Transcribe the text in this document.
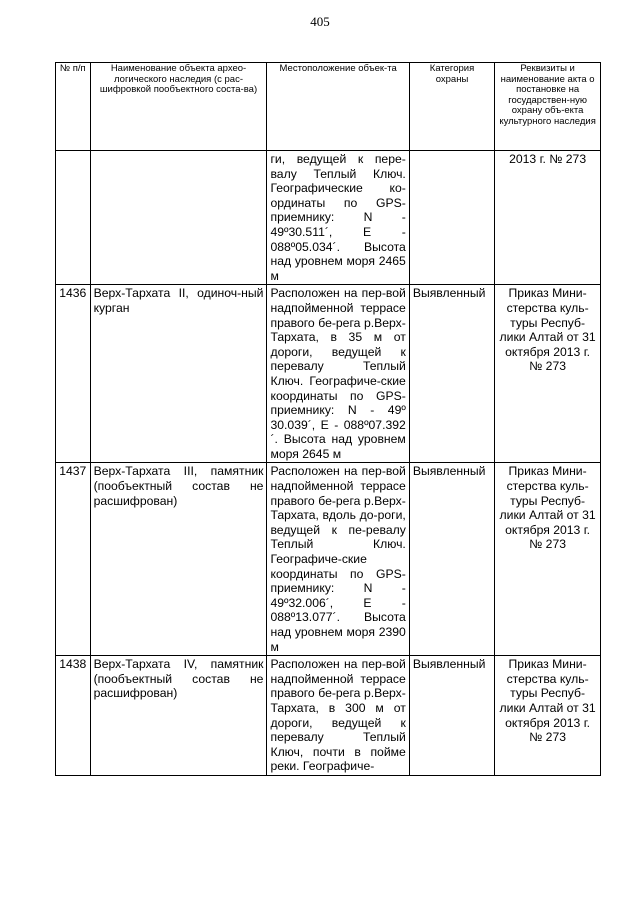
405
№ п/п	Наименование объекта архео-логического наследия (с рас-шифровкой пообъектного соста-ва)	Местоположение объек-та	Категория охраны	Реквизиты и наименование акта о постановке на государствен-ную охрану объ-екта культурного наследия
		ги, ведущей к пере-валу Теплый Ключ. Географические ко-ординаты по GPS-приемнику: N - 49º30.511´, E - 088º05.034´. Высота над уровнем моря 2465 м		2013 г. № 273
1436	Верх-Тархата II, одиноч-ный курган	Расположен на пер-вой надпойменной террасе правого бе-рега р.Верх-Тархата, в 35 м от дороги, ведущей к перевалу Теплый Ключ. Географиче-ские координаты по GPS-приемнику: N - 49º 30.039´, E - 088º07.392´. Высота над уровнем моря 2645 м	Выявленный	Приказ Мини-стерства куль-туры Респуб-лики Алтай от 31 октября 2013 г. № 273
1437	Верх-Тархата III, памятник (пообъектный состав не расшифрован)	Расположен на пер-вой надпойменной террасе правого бе-рега р.Верх-Тархата, вдоль до-роги, ведущей к пе-ревалу Теплый Ключ. Географиче-ские координаты по GPS-приемнику: N - 49º32.006´, E - 088º13.077´. Высота над уровнем моря 2390 м	Выявленный	Приказ Мини-стерства куль-туры Респуб-лики Алтай от 31 октября 2013 г. № 273
1438	Верх-Тархата IV, памятник (пообъектный состав не расшифрован)	Расположен на пер-вой надпойменной террасе правого бе-рега р.Верх-Тархата, в 300 м от дороги, ведущей к перевалу Теплый Ключ, почти в пойме реки. Географиче-	Выявленный	Приказ Мини-стерства куль-туры Респуб-лики Алтай от 31 октября 2013 г. № 273
